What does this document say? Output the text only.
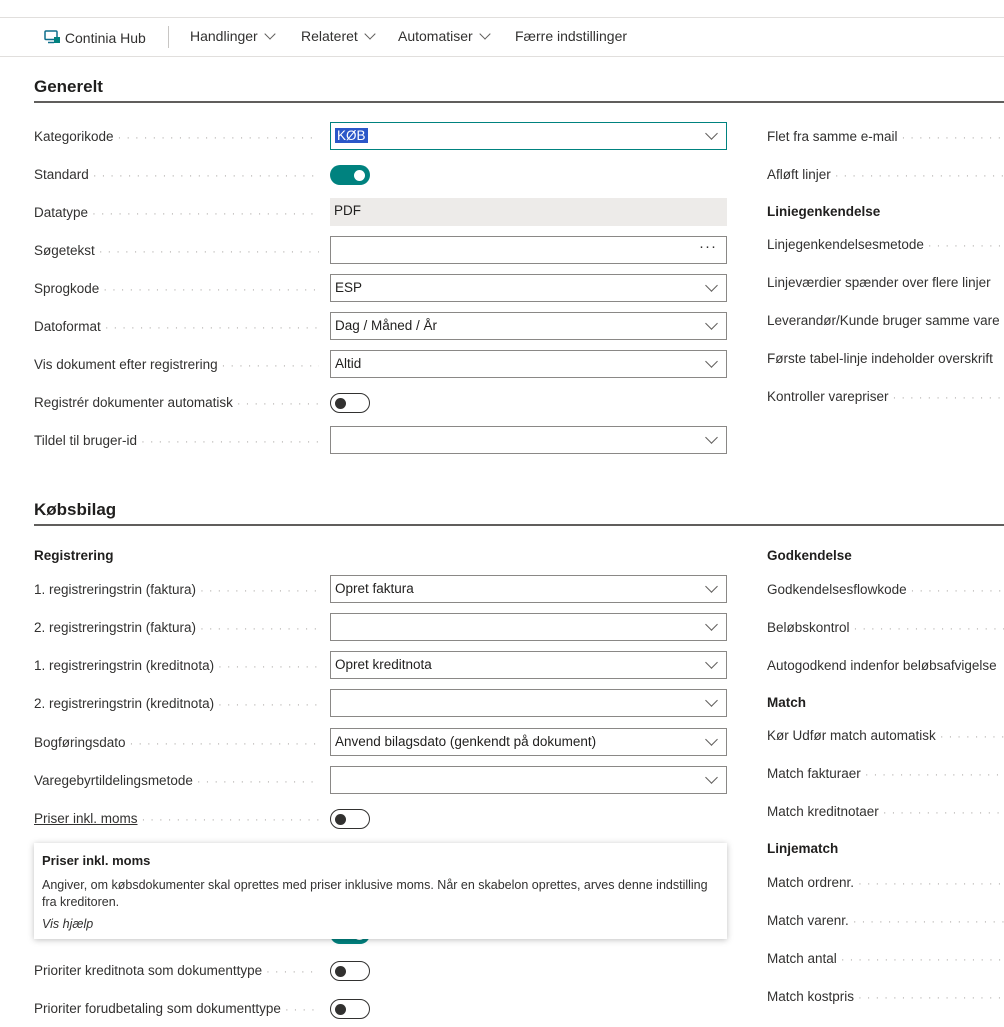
Continia Hub	Handlinger	Relateret	Automatiser	Færre indstillinger
Generelt
Kategorikode · · ·	KØB
Standard · · ·
Datatype · · ·	PDF
Søgetekst · · ·	···
Sprogkode · · ·	ESP
Datoformat · · ·	Dag / Måned / År
Vis dokument efter registrering · · ·	Altid
Registrér dokumenter automatisk · · ·
Tildel til bruger-id · · ·
Flet fra samme e-mail · · ·
Afløft linjer · · ·
Liniegenkendelse
Linjegenkendelsesmetode · · ·
Linjeværdier spænder over flere linjer
Leverandør/Kunde bruger samme vare
Første tabel-linje indeholder overskrift
Kontroller varepriser · · ·
Købsbilag
Registrering
1. registreringstrin (faktura) · · ·	Opret faktura
2. registreringstrin (faktura) · · ·
1. registreringstrin (kreditnota) · · ·	Opret kreditnota
2. registreringstrin (kreditnota) · · ·
Bogføringsdato · · ·	Anvend bilagsdato (genkendt på dokument)
Varegebyrtildelingsmetode · · ·
Priser inkl. moms · · ·
Prioriter kreditnota som dokumenttype · · ·
Prioriter forudbetaling som dokumenttype · · ·
Godkendelse
Godkendelsesflowkode · · ·
Beløbskontrol · · ·
Autogodkend indenfor beløbsafvigelse
Match
Kør Udfør match automatisk · · ·
Match fakturaer · · ·
Match kreditnotaer · · ·
Linjematch
Match ordrenr. · · ·
Match varenr. · · ·
Match antal · · ·
Match kostpris · · ·
Priser inkl. moms
Angiver, om købsdokumenter skal oprettes med priser inklusive moms. Når en skabelon oprettes, arves denne indstilling fra kreditoren.
Vis hjælp
